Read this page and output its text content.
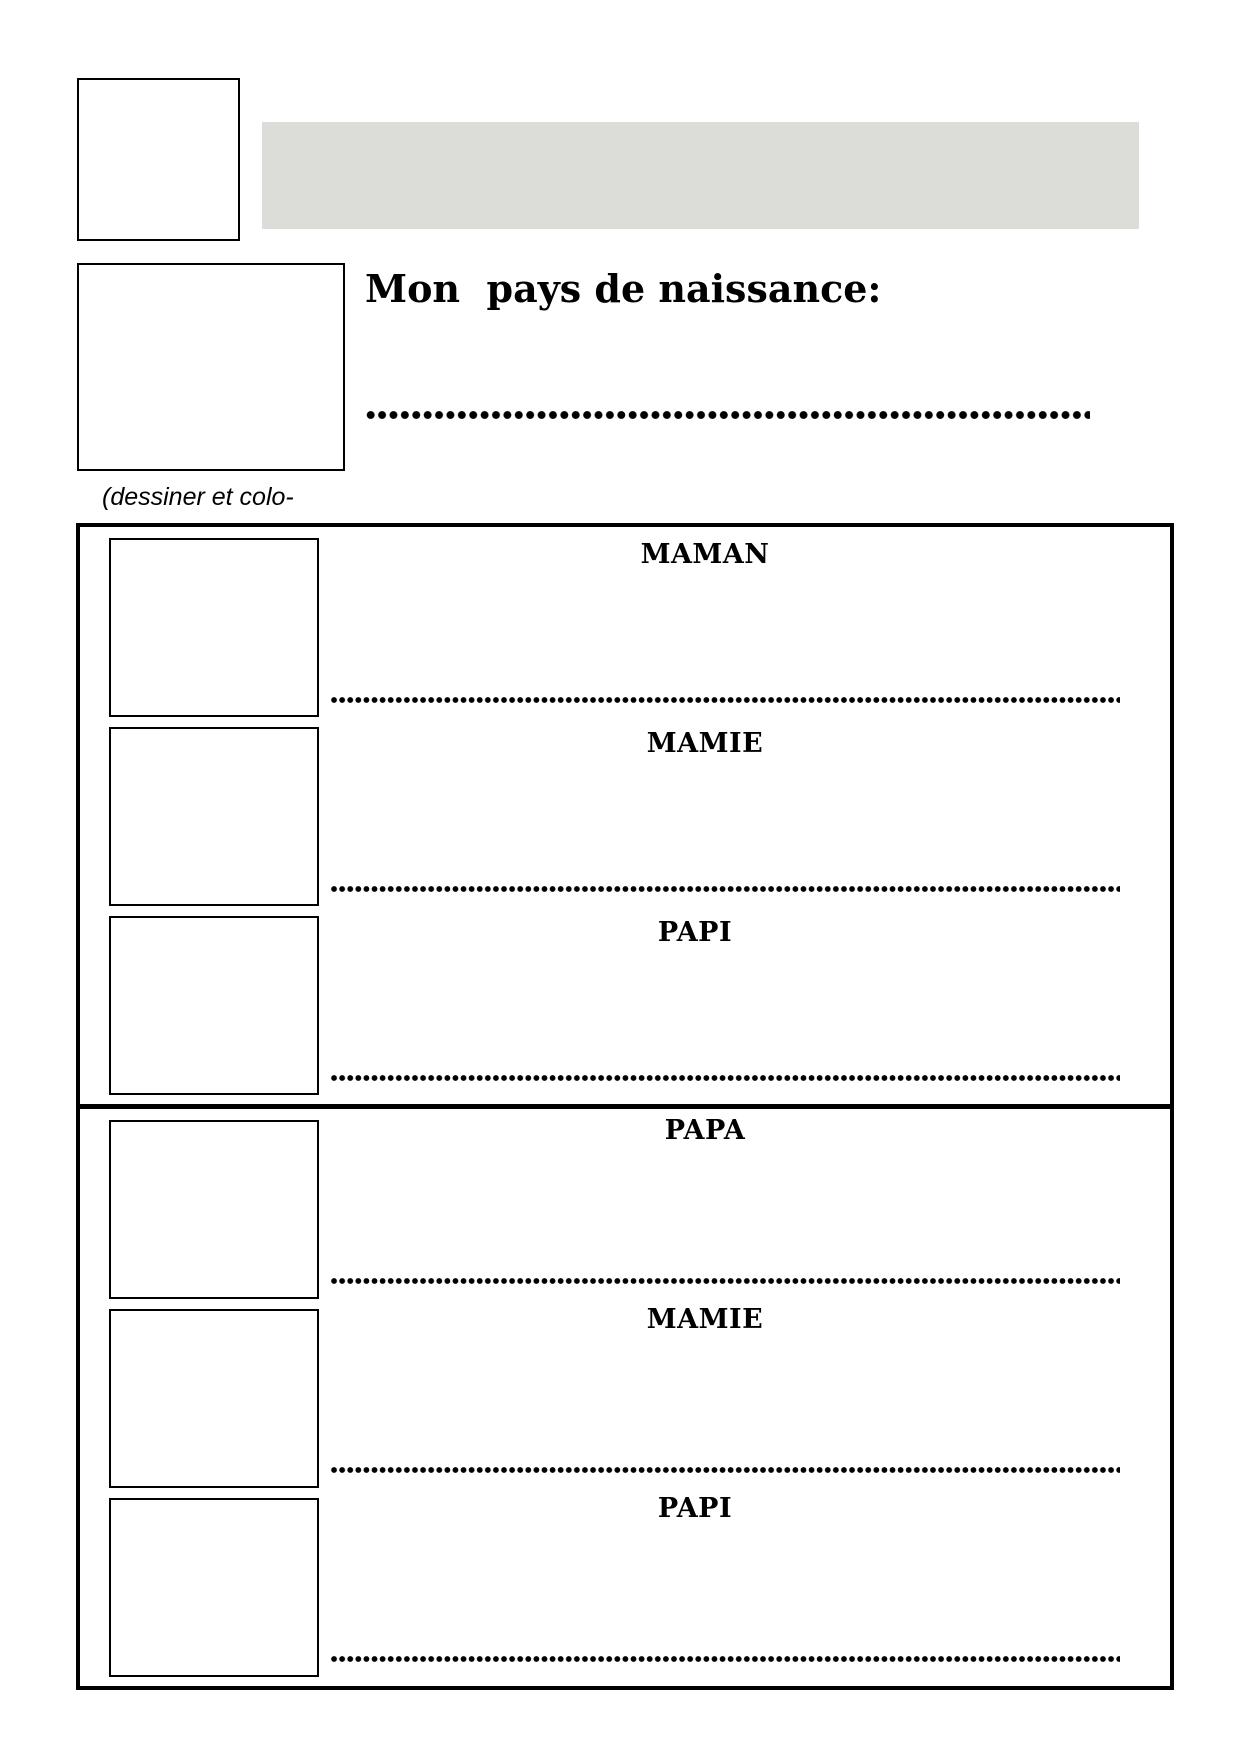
Mon  pays de naissance:
(dessiner et colo-
MAMAN
MAMIE
PAPI
PAPA
MAMIE
PAPI
